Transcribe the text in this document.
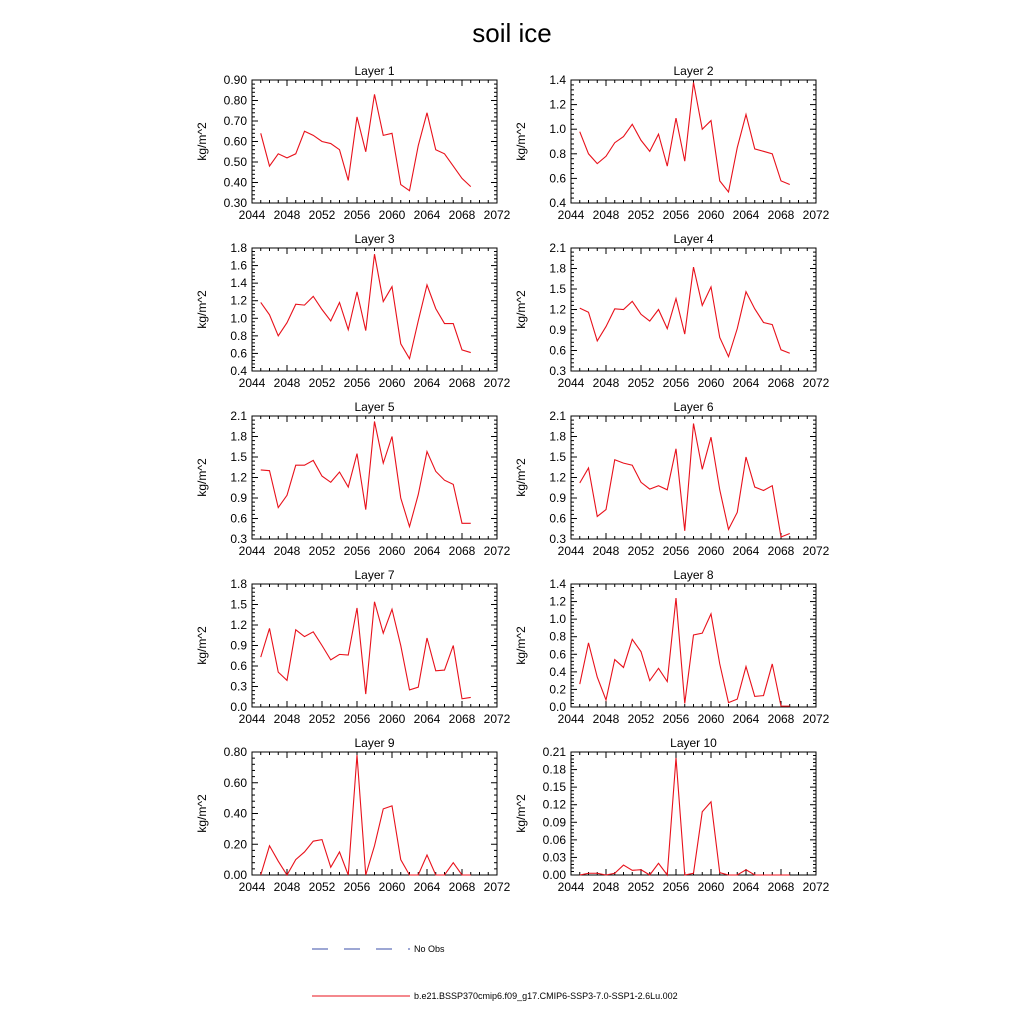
soil ice
Layer 1
kg/m^2
2044 2048 2052 2056 2060 2064 2068 2072
0.30
0.40
0.50
0.60
0.70
0.80
0.90
Layer 2
kg/m^2
2044 2048 2052 2056 2060 2064 2068 2072
0.4
0.6
0.8
1.0
1.2
1.4
Layer 3
kg/m^2
2044 2048 2052 2056 2060 2064 2068 2072
0.4
0.6
0.8
1.0
1.2
1.4
1.6
1.8
Layer 4
kg/m^2
2044 2048 2052 2056 2060 2064 2068 2072
0.3
0.6
0.9
1.2
1.5
1.8
2.1
Layer 5
kg/m^2
2044 2048 2052 2056 2060 2064 2068 2072
0.3
0.6
0.9
1.2
1.5
1.8
2.1
Layer 6
kg/m^2
2044 2048 2052 2056 2060 2064 2068 2072
0.3
0.6
0.9
1.2
1.5
1.8
2.1
Layer 7
kg/m^2
2044 2048 2052 2056 2060 2064 2068 2072
0.0
0.3
0.6
0.9
1.2
1.5
1.8
Layer 8
kg/m^2
2044 2048 2052 2056 2060 2064 2068 2072
0.0
0.2
0.4
0.6
0.8
1.0
1.2
1.4
Layer 9
kg/m^2
2044 2048 2052 2056 2060 2064 2068 2072
0.00
0.20
0.40
0.60
0.80
Layer 10
kg/m^2
2044 2048 2052 2056 2060 2064 2068 2072
0.00
0.03
0.06
0.09
0.12
0.15
0.18
0.21
No Obs
b.e21.BSSP370cmip6.f09_g17.CMIP6-SSP3-7.0-SSP1-2.6Lu.002
